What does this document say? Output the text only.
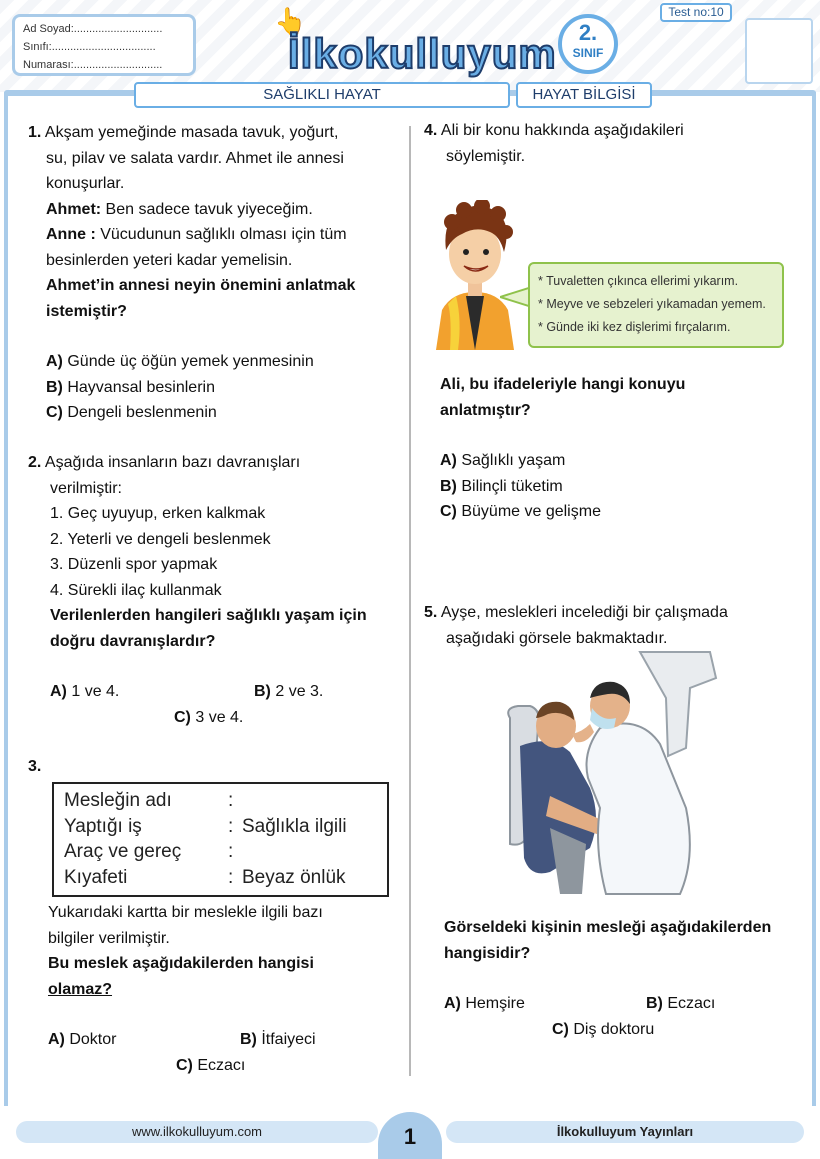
Ad Soyad:.............................
Sınıfı:..................................
Numarası:.............................
👆
İlkokulluyum	2.
SINIF
Test no:10
SAĞLIKLI HAYAT	HAYAT BİLGİSİ
1. Akşam yemeğinde masada tavuk, yoğurt,
su, pilav ve salata vardır. Ahmet ile annesi
konuşurlar.
Ahmet: Ben sadece tavuk yiyeceğim.
Anne : Vücudunun sağlıklı olması için tüm
besinlerden yeteri kadar yemelisin.
Ahmet’in annesi neyin önemini anlatmak
istemiştir?
A) Günde üç öğün yemek yenmesinin
B) Hayvansal besinlerin
C) Dengeli beslenmenin
2. Aşağıda insanların bazı davranışları
verilmiştir:
1. Geç uyuyup, erken kalkmak
2. Yeterli ve dengeli beslenmek
3. Düzenli spor yapmak
4. Sürekli ilaç kullanmak
Verilenlerden hangileri sağlıklı yaşam için
doğru davranışlardır?
A) 1 ve 4.	B) 2 ve 3.
C) 3 ve 4.
3.
Mesleğin adı	:
Yaptığı iş	: Sağlıkla ilgili
Araç ve gereç	:
Kıyafeti	: Beyaz önlük
Yukarıdaki kartta bir meslekle ilgili bazı
bilgiler verilmiştir.
Bu meslek aşağıdakilerden hangisi
olamaz?
A) Doktor	B) İtfaiyeci
C) Eczacı
4. Ali bir konu hakkında aşağıdakileri
söylemiştir.
* Tuvaletten çıkınca ellerimi yıkarım.
* Meyve ve sebzeleri yıkamadan yemem.
* Günde iki kez dişlerimi fırçalarım.
Ali, bu ifadeleriyle hangi konuyu
anlatmıştır?
A) Sağlıklı yaşam
B) Bilinçli tüketim
C) Büyüme ve gelişme
5. Ayşe, meslekleri incelediği bir çalışmada
aşağıdaki görsele bakmaktadır.
Görseldeki kişinin mesleği aşağıdakilerden
hangisidir?
A) Hemşire	B) Eczacı
C) Diş doktoru
www.ilkokulluyum.com	1	İlkokulluyum Yayınları
